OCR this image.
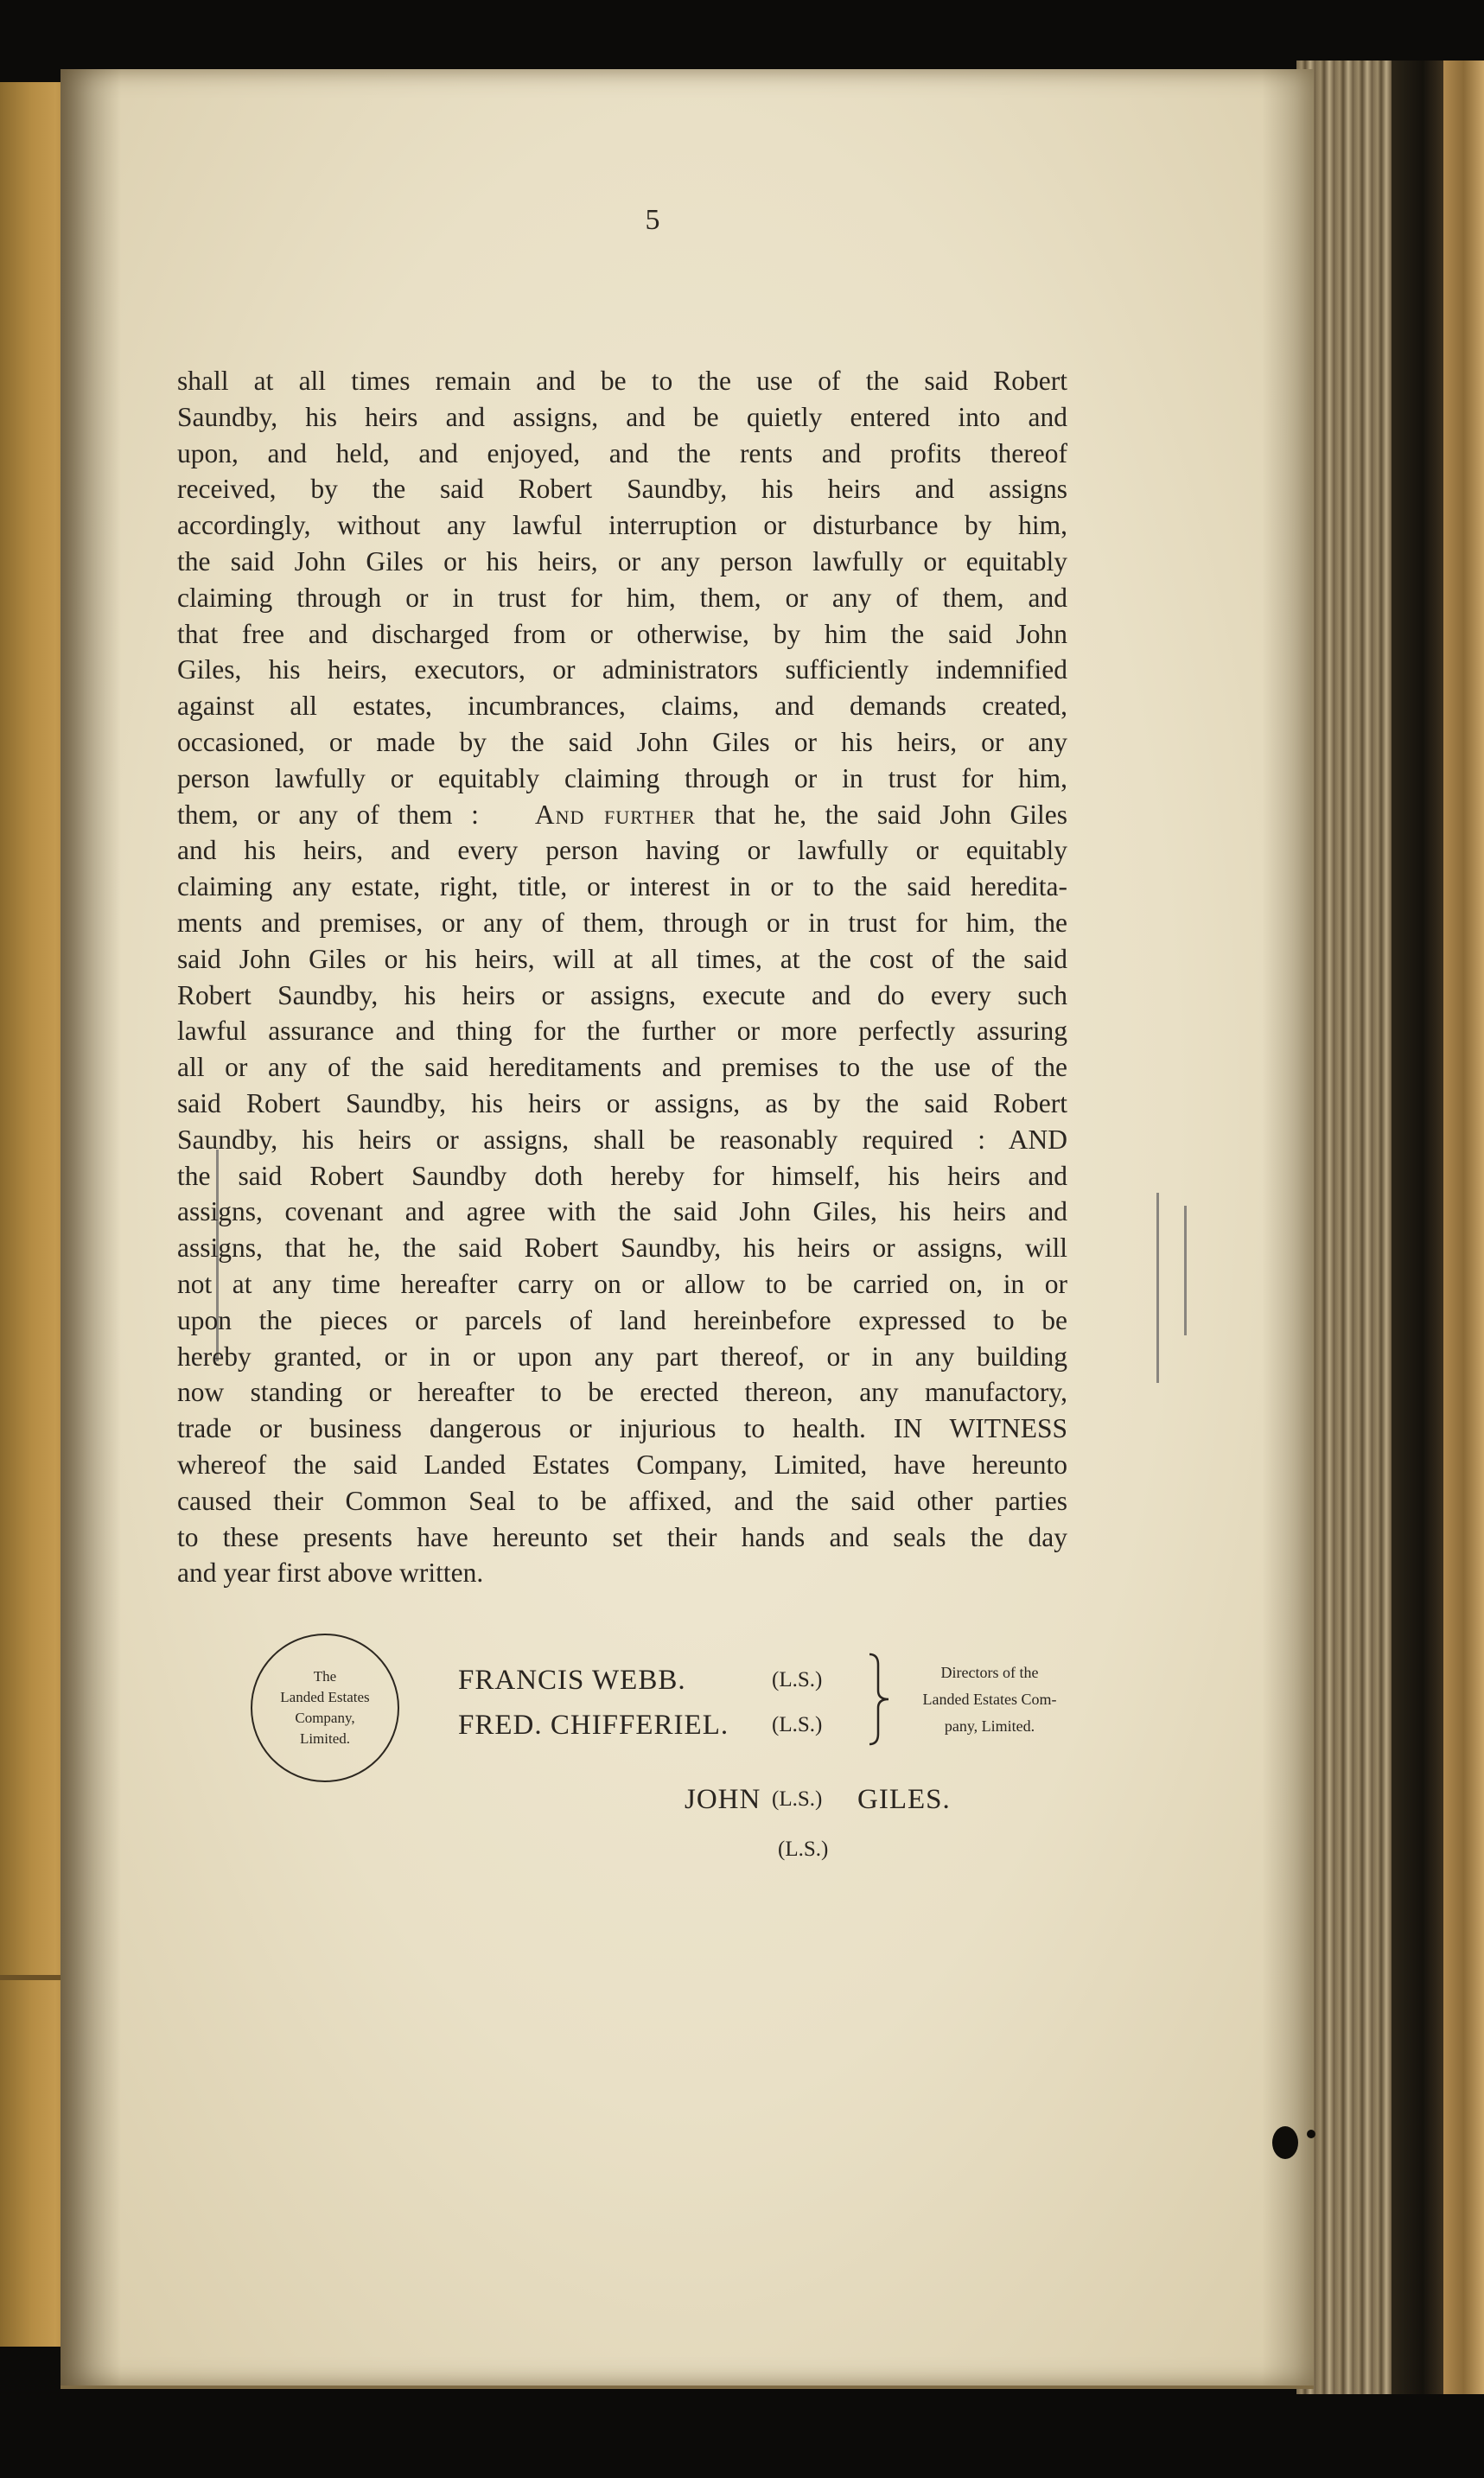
5
shall at all times remain and be to the use of the said Robert
Saundby, his heirs and assigns, and be quietly entered into and
upon, and held, and enjoyed, and the rents and profits thereof
received, by the said Robert Saundby, his heirs and assigns
accordingly, without any lawful interruption or disturbance by him,
the said John Giles or his heirs, or any person lawfully or equitably
claiming through or in trust for him, them, or any of them, and
that free and discharged from or otherwise, by him the said John
Giles, his heirs, executors, or administrators sufficiently indemnified
against all estates, incumbrances, claims, and demands created,
occasioned, or made by the said John Giles or his heirs, or any
person lawfully or equitably claiming through or in trust for him,
them, or any of them : And further that he, the said John Giles
and his heirs, and every person having or lawfully or equitably
claiming any estate, right, title, or interest in or to the said heredita-
ments and premises, or any of them, through or in trust for him, the
said John Giles or his heirs, will at all times, at the cost of the said
Robert Saundby, his heirs or assigns, execute and do every such
lawful assurance and thing for the further or more perfectly assuring
all or any of the said hereditaments and premises to the use of the
said Robert Saundby, his heirs or assigns, as by the said Robert
Saundby, his heirs or assigns, shall be reasonably required : AND
the said Robert Saundby doth hereby for himself, his heirs and
assigns, covenant and agree with the said John Giles, his heirs and
assigns, that he, the said Robert Saundby, his heirs or assigns, will
not at any time hereafter carry on or allow to be carried on, in or
upon the pieces or parcels of land hereinbefore expressed to be
hereby granted, or in or upon any part thereof, or in any building
now standing or hereafter to be erected thereon, any manufactory,
trade or business dangerous or injurious to health. IN WITNESS
whereof the said Landed Estates Company, Limited, have hereunto
caused their Common Seal to be affixed, and the said other parties
to these presents have hereunto set their hands and seals the day
and year first above written.
The
Landed Estates
Company,
Limited.
FRANCIS WEBB.	(L.S.)
FRED. CHIFFERIEL. (L.S.)
Directors of the
Landed Estates Com-
pany, Limited.
JOHN (L.S.) GILES.
(L.S.)
